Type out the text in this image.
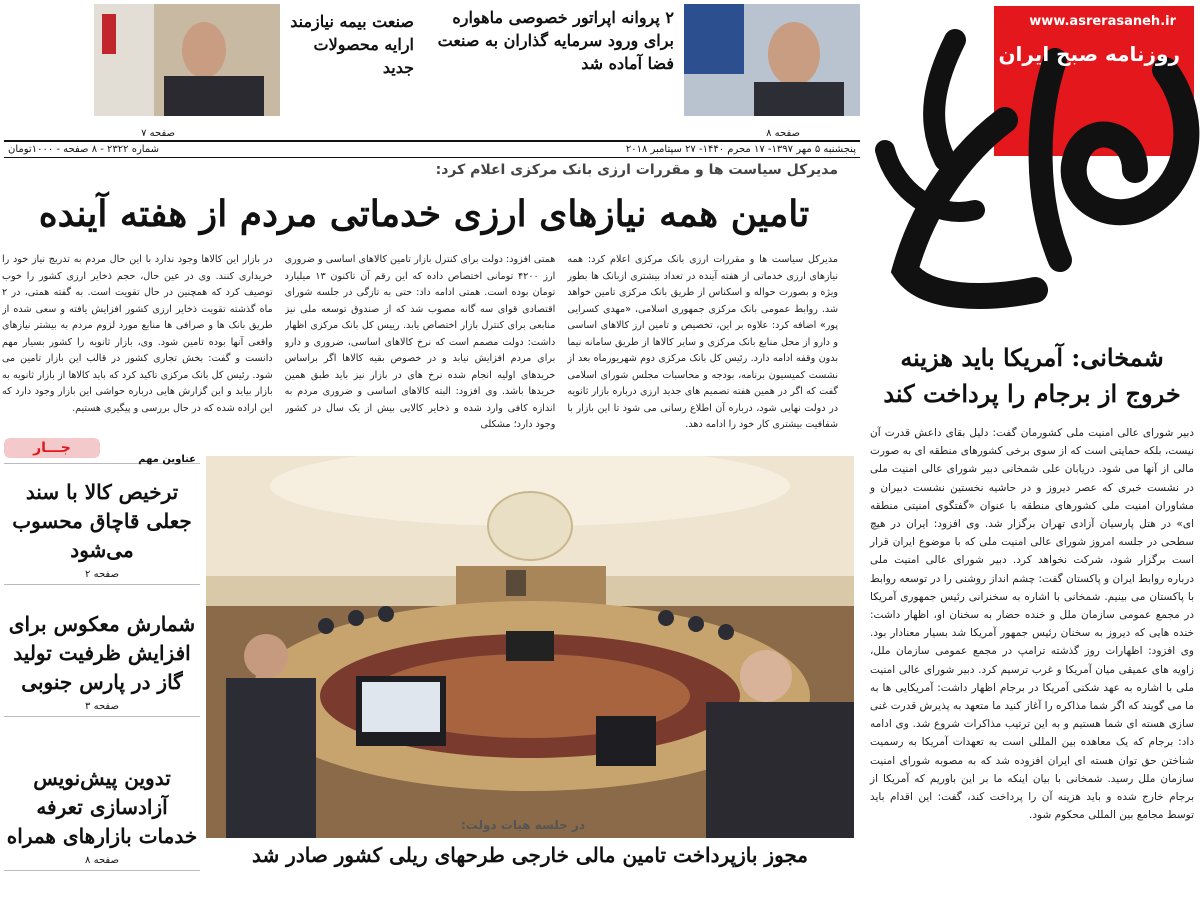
www.asrerasaneh.ir
روزنامه صبح ایران
شمخانی: آمریکا باید هزینه خروج از برجام را پرداخت کند
دبیر شورای عالی امنیت ملی کشورمان گفت: دلیل بقای داعش قدرت آن نیست، بلکه حمایتی است که از سوی برخی کشورهای منطقه ای به صورت مالی از آنها می شود. دریابان علی شمخانی دبیر شورای عالی امنیت ملی در نشست خبری که عصر دیروز و در حاشیه نخستین نشست دبیران و مشاوران امنیت ملی کشورهای منطقه با عنوان «گفتگوی امنیتی منطقه ای» در هتل پارسیان آزادی تهران برگزار شد. وی افزود: ایران در هیچ سطحی در جلسه امروز شورای عالی امنیت ملی که با موضوع ایران قرار است برگزار شود، شرکت نخواهد کرد. دبیر شورای عالی امنیت ملی درباره روابط ایران و پاکستان گفت: چشم انداز روشنی را در توسعه روابط با پاکستان می بینیم. شمخانی با اشاره به سخنرانی رئیس جمهوری آمریکا در مجمع عمومی سازمان ملل و خنده حضار به سخنان او، اظهار داشت: خنده هایی که دیروز به سخنان رئیس جمهور آمریکا شد بسیار معنادار بود. وی افزود: اظهارات روز گذشته ترامپ در مجمع عمومی سازمان ملل، زاویه های عمیقی میان آمریکا و غرب ترسیم کرد. دبیر شورای عالی امنیت ملی با اشاره به عهد شکنی آمریکا در برجام اظهار داشت: آمریکایی ها به ما می گویند که اگر شما مذاکره را آغاز کنید ما متعهد به پذیرش قدرت غنی سازی هسته ای شما هستیم و به این ترتیب مذاکرات شروع شد. وی ادامه داد: برجام که یک معاهده بین المللی است به تعهدات آمریکا به رسمیت شناختن حق توان هسته ای ایران افزوده شد که به مصوبه شورای امنیت سازمان ملل رسید. شمخانی با بیان اینکه ما بر این باوریم که آمریکا از برجام خارج شده و باید هزینه آن را پرداخت کند، گفت: این اقدام باید توسط مجامع بین المللی محکوم شود.
۲ پروانه اپراتور خصوصی ماهواره برای ورود سرمایه گذاران به صنعت فضا آماده شد
صفحه ۸
صنعت بیمه نیازمند ارایه محصولات جدید
صفحه ۷
پنجشنبه ۵ مهر ۱۳۹۷- ۱۷ محرم ۱۴۴۰- ۲۷ سپتامبر ۲۰۱۸
شماره ۲۳۲۲ - ۸ صفحه - ۱۰۰۰تومان
مدیرکل سیاست ها و مقررات ارزی بانک مرکزی اعلام کرد:
تامین همه نیازهای ارزی خدماتی مردم از هفته آینده
مدیرکل سیاست ها و مقررات ارزی بانک مرکزی اعلام کرد: همه نیازهای ارزی خدماتی از هفته آینده در تعداد بیشتری ازبانک ها بطور ویژه و بصورت حواله و اسکناس از طریق بانک مرکزی تامین خواهد شد. روابط عمومی بانک مرکزی جمهوری اسلامی، «مهدی کسرایی پور» اضافه کرد: علاوه بر این، تخصیص و تامین ارز کالاهای اساسی و دارو از محل منابع بانک مرکزی و سایر کالاها از طریق سامانه نیما بدون وقفه ادامه دارد. رئیس کل بانک مرکزی دوم شهریورماه بعد از نشست کمیسیون برنامه، بودجه و محاسبات مجلس شورای اسلامی گفت که اگر در همین هفته تصمیم های جدید ارزی درباره بازار ثانویه در دولت نهایی شود، درباره آن اطلاع رسانی می شود تا این بازار با شفافیت بیشتری کار خود را ادامه دهد.
همتی افزود: دولت برای کنترل بازار تامین کالاهای اساسی و ضروری ارز ۴۲۰۰ تومانی اختصاص داده که این رقم آن تاکنون ۱۳ میلیارد تومان بوده است. همتی ادامه داد: حتی به تازگی در جلسه شورای اقتصادی قوای سه گانه مصوب شد که از صندوق توسعه ملی نیز منابعی برای کنترل بازار اختصاص یابد. رییس کل بانک مرکزی اظهار داشت: دولت مصمم است که نرخ کالاهای اساسی، ضروری و دارو برای مردم افزایش نیابد و در خصوص بقیه کالاها اگر براساس خریدهای اولیه انجام شده نرخ های در بازار نیز باید طبق همین خریدها باشد. وی افزود: البته کالاهای اساسی و ضروری مردم به اندازه کافی وارد شده و ذخایر کالایی بیش از یک سال در کشور وجود دارد؛ مشکلی
در بازار این کالاها وجود ندارد با این حال مردم به تدریج نیاز خود را خریداری کنند. وی در عین حال، حجم ذخایر ارزی کشور را خوب توصیف کرد که همچنین در حال تقویت است. به گفته همتی، در ۲ ماه گذشته تقویت ذخایر ارزی کشور افزایش یافته و سعی شده از طریق بانک ها و صرافی ها منابع مورد لزوم مردم به بیشتر نیازهای واقعی آنها بوده تامین شود. وی، بازار ثانویه را کشور بسیار مهم دانست و گفت: بخش تجاری کشور در قالب این بازار تامین می شود. رئیس کل بانک مرکزی تاکید کرد که باید کالاها از بازار ثانویه به بازار بیاید و این گزارش هایی درباره حواشی این بازار وجود دارد که این اراده شده که در حال بررسی و پیگیری هستیم.
جـــار
عناوین مهم
ترخیص کالا با سند جعلی قاچاق محسوب می‌شود
صفحه ۲
شمارش معکوس برای افزایش ظرفیت تولید گاز در پارس جنوبی
صفحه ۳
تدوین پیش‌نویس آزادسازی تعرفه خدمات بازارهای همراه
صفحه ۸
در جلسه هیات دولت:
مجوز بازپرداخت تامین مالی خارجی طرحهای ریلی کشور صادر شد
